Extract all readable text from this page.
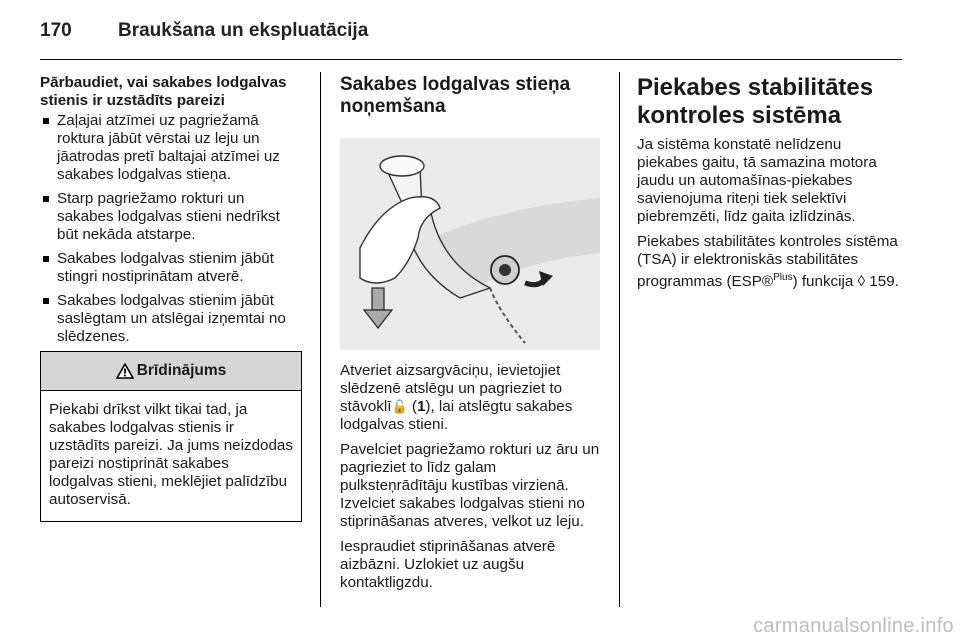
170 Braukšana un ekspluatācija

Pārbaudiet, vai sakabes lodgalvas stienis ir uzstādīts pareizi

Zaļajai atzīmei uz pagriežamā roktura jābūt vērstai uz leju un jāatrodas pretī baltajai atzīmei uz sakabes lodgalvas stieņa.
Starp pagriežamo rokturi un sakabes lodgalvas stieni nedrīkst būt nekāda atstarpe.
Sakabes lodgalvas stienim jābūt stingri nostiprinātam atverē.
Sakabes lodgalvas stienim jābūt saslēgtam un atslēgai izņemtai no slēdzenes.
Brīdinājums
Piekabi drīkst vilkt tikai tad, ja sakabes lodgalvas stienis ir uzstādīts pareizi. Ja jums neizdodas pareizi nostiprināt sakabes lodgalvas stieni, meklējiet palīdzību autoservisā.
Sakabes lodgalvas stieņa noņemšana

Atveriet aizsargvāciņu, ievietojiet slēdzenē atslēgu un pagrieziet to stāvoklī🔓 (1), lai atslēgtu sakabes lodgalvas stieni.

Pavelciet pagriežamo rokturi uz āru un pagrieziet to līdz galam pulksteņrādītāju kustības virzienā. Izvelciet sakabes lodgalvas stieni no stiprināšanas atveres, velkot uz leju.

Iespraudiet stiprināšanas atverē aizbāzni. Uzlokiet uz augšu kontaktligzdu.

Piekabes stabilitātes kontroles sistēma

Ja sistēma konstatē nelīdzenu piekabes gaitu, tā samazina motora jaudu un automašīnas-piekabes savienojuma riteņi tiek selektīvi piebremzēti, līdz gaita izlīdzinās.

Piekabes stabilitātes kontroles sistēma (TSA) ir elektroniskās stabilitātes programmas (ESP®$^{Plus}$) funkcija ◊ 159.

carmanualsonline.info
